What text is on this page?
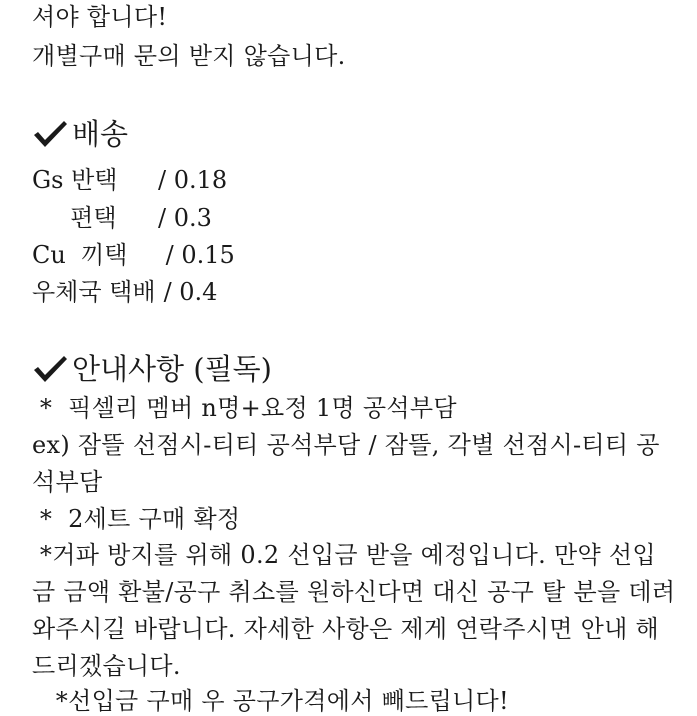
셔야 합니다!
개별구매 문의 받지 않습니다.
배송
Gs 반택 / 0.18
편택 / 0.3
Cu  끼택 / 0.15
우체국 택배 / 0.4
안내사항 (필독)
*  픽셀리 멤버 n명+요정 1명 공석부담
ex) 잠뜰 선점시-티티 공석부담 / 잠뜰, 각별 선점시-티티 공
석부담
*  2세트 구매 확정
*거파 방지를 위해 0.2 선입금 받을 예정입니다. 만약 선입
금 금액 환불/공구 취소를 원하신다면 대신 공구 탈 분을 데려
와주시길 바랍니다. 자세한 사항은 제게 연락주시면 안내 해
드리겠습니다.
*선입금 구매 우 공구가격에서 빼드립니다!
